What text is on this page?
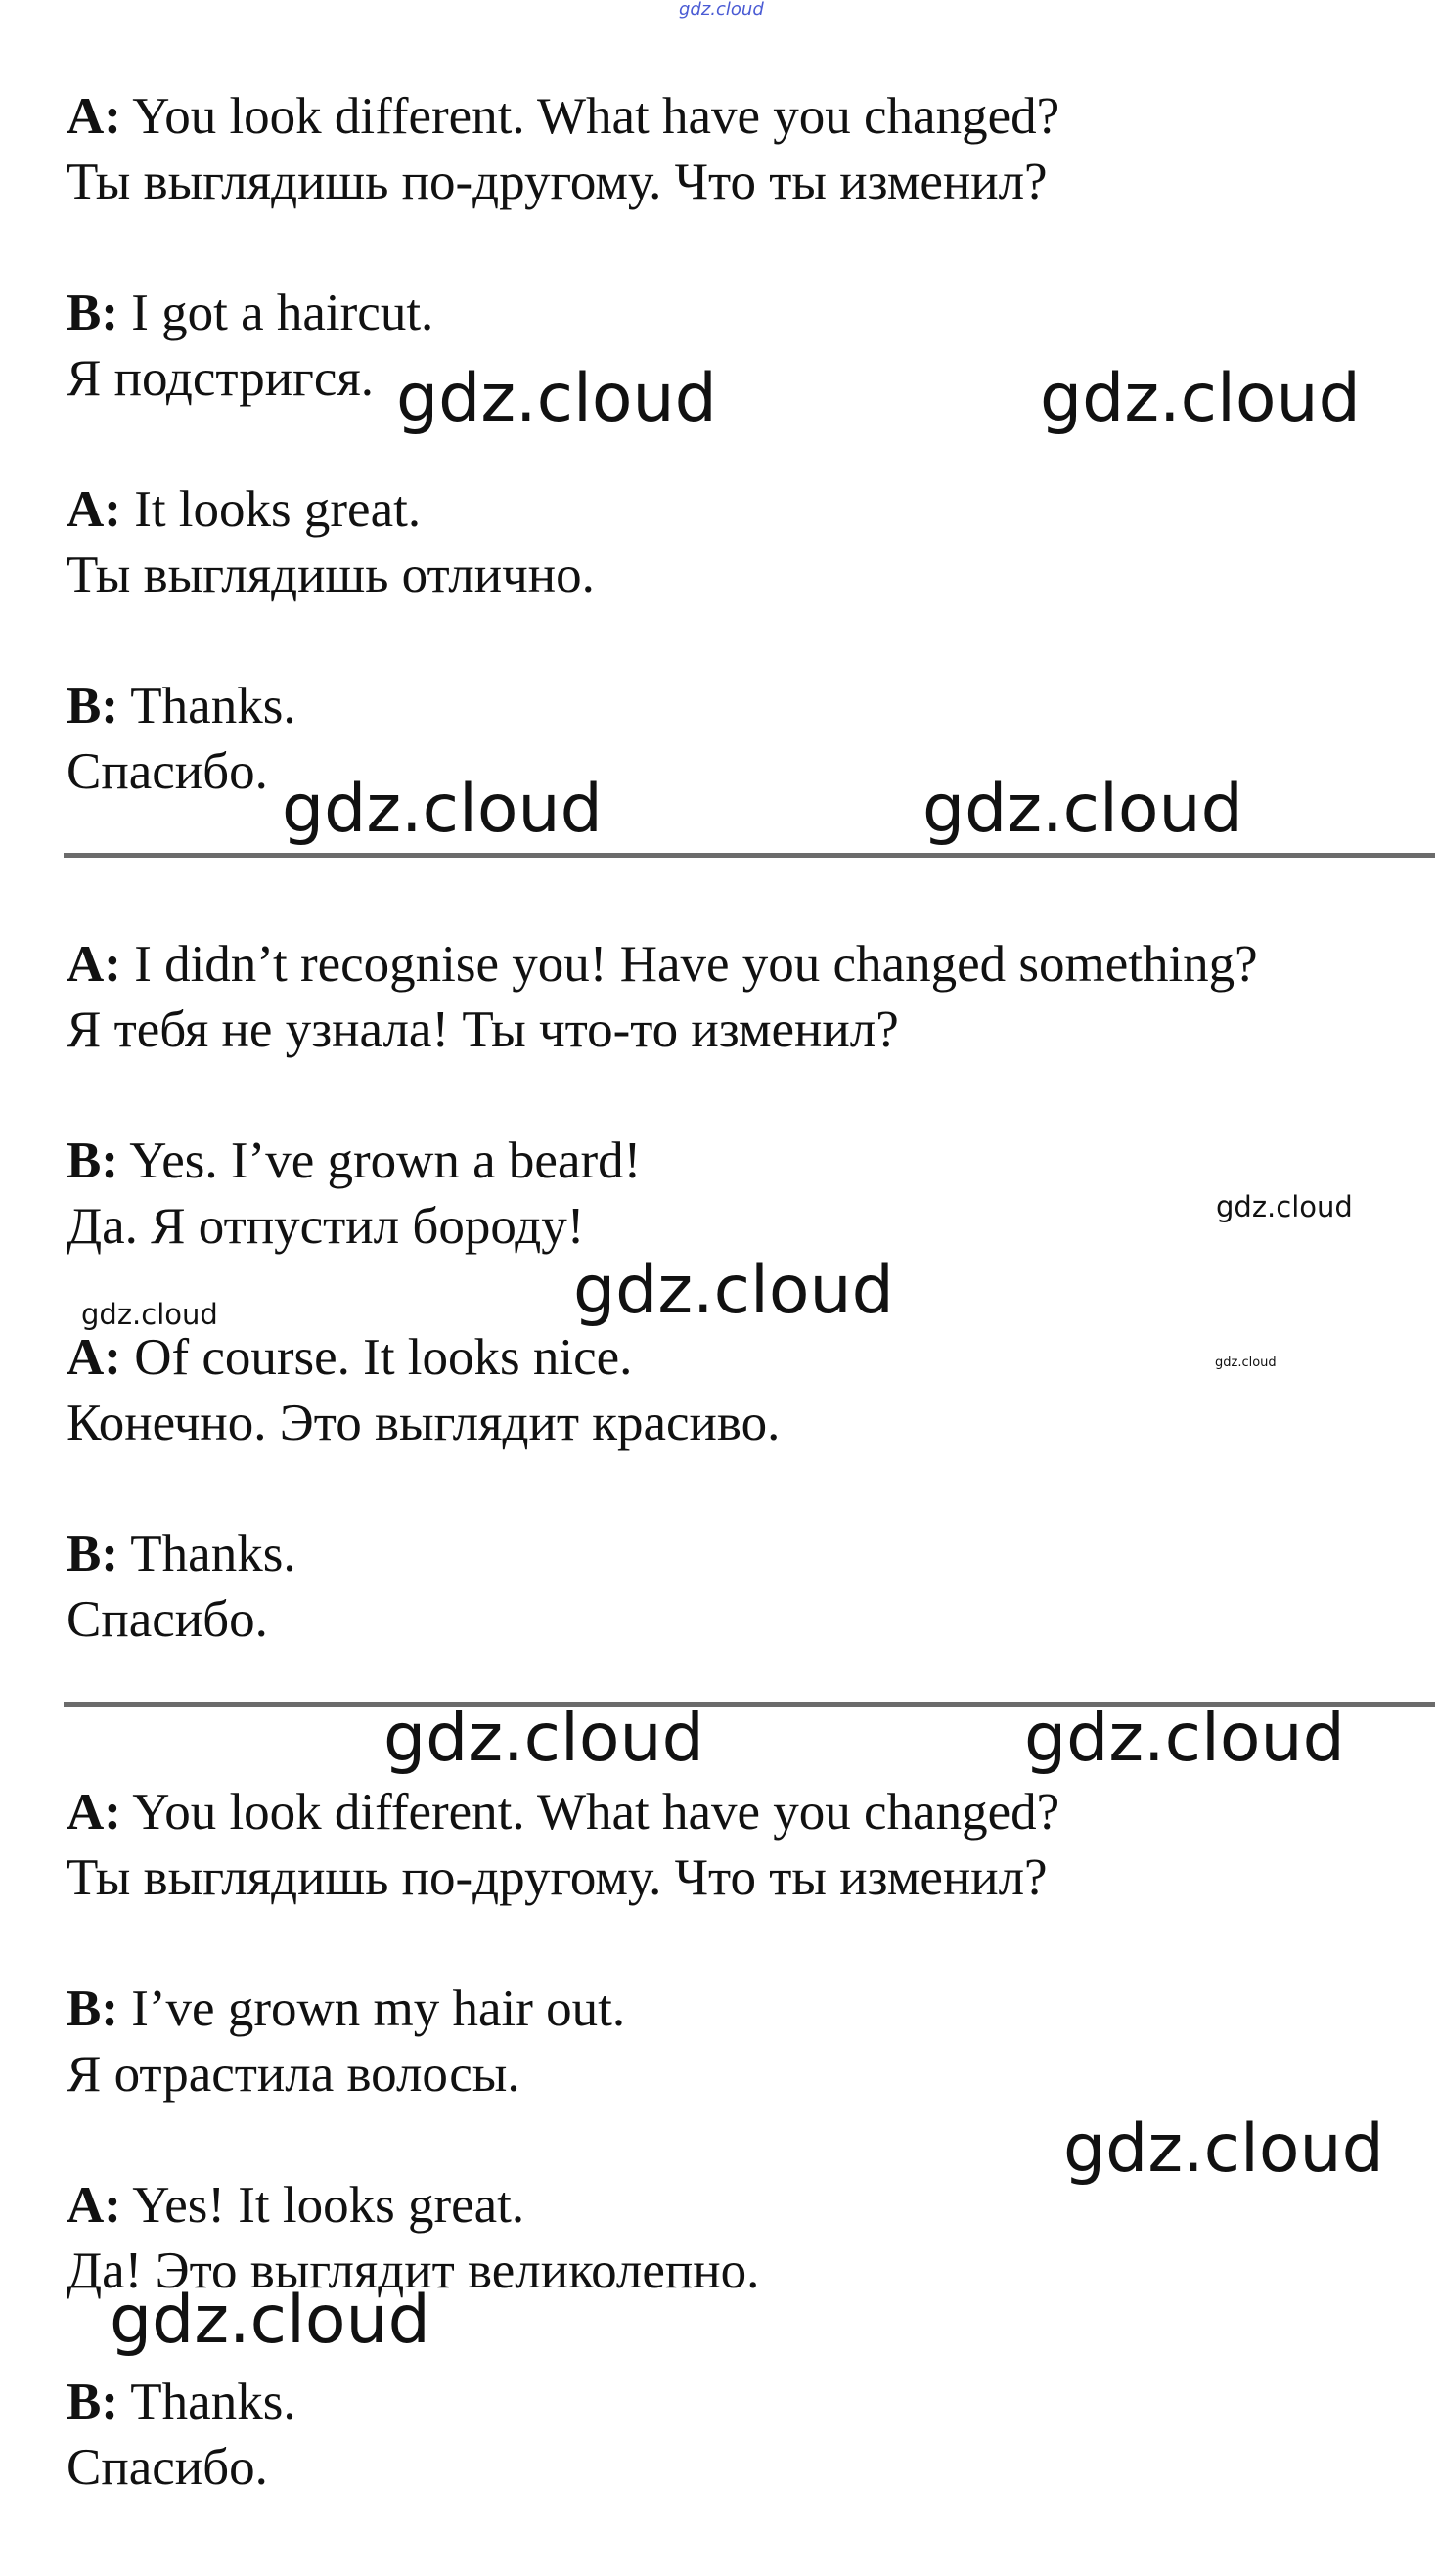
gdz.cloud
A: You look different. What have you changed?
Ты выглядишь по-другому. Что ты изменил?
B: I got a haircut.
Я подстригся.
A: It looks great.
Ты выглядишь отлично.
B: Thanks.
Спасибо.
A: I didn’t recognise you! Have you changed something?
Я тебя не узнала! Ты что-то изменил?
B: Yes. I’ve grown a beard!
Да. Я отпустил бороду!
A: Of course. It looks nice.
Конечно. Это выглядит красиво.
B: Thanks.
Спасибо.
A: You look different. What have you changed?
Ты выглядишь по-другому. Что ты изменил?
B: I’ve grown my hair out.
Я отрастила волосы.
A: Yes! It looks great.
Да! Это выглядит великолепно.
B: Thanks.
Спасибо.
gdz.cloud	gdz.cloud
gdz.cloud	gdz.cloud
gdz.cloud
gdz.cloud
gdz.cloud
gdz.cloud
gdz.cloud	gdz.cloud
gdz.cloud
gdz.cloud
